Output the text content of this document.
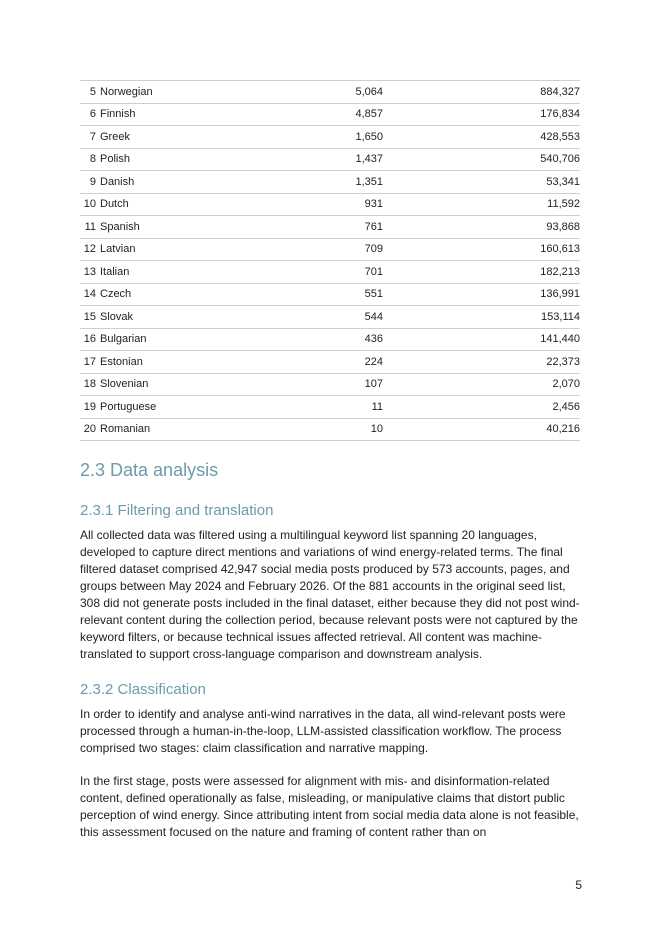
5	Norwegian	5,064	884,327
6	Finnish	4,857	176,834
7	Greek	1,650	428,553
8	Polish	1,437	540,706
9	Danish	1,351	53,341
10	Dutch	931	11,592
11	Spanish	761	93,868
12	Latvian	709	160,613
13	Italian	701	182,213
14	Czech	551	136,991
15	Slovak	544	153,114
16	Bulgarian	436	141,440
17	Estonian	224	22,373
18	Slovenian	107	2,070
19	Portuguese	11	2,456
20	Romanian	10	40,216
2.3 Data analysis
2.3.1 Filtering and translation

All collected data was filtered using a multilingual keyword list spanning 20 languages, developed to capture direct mentions and variations of wind energy-related terms. The final filtered dataset comprised 42,947 social media posts produced by 573 accounts, pages, and groups between May 2024 and February 2026. Of the 881 accounts in the original seed list, 308 did not generate posts included in the final dataset, either because they did not post wind-relevant content during the collection period, because relevant posts were not captured by the keyword filters, or because technical issues affected retrieval. All content was machine-translated to support cross-language comparison and downstream analysis.

2.3.2 Classification

In order to identify and analyse anti-wind narratives in the data, all wind-relevant posts were processed through a human-in-the-loop, LLM-assisted classification workflow. The process comprised two stages: claim classification and narrative mapping.

In the first stage, posts were assessed for alignment with mis- and disinformation-related content, defined operationally as false, misleading, or manipulative claims that distort public perception of wind energy. Since attributing intent from social media data alone is not feasible, this assessment focused on the nature and framing of content rather than on

5
